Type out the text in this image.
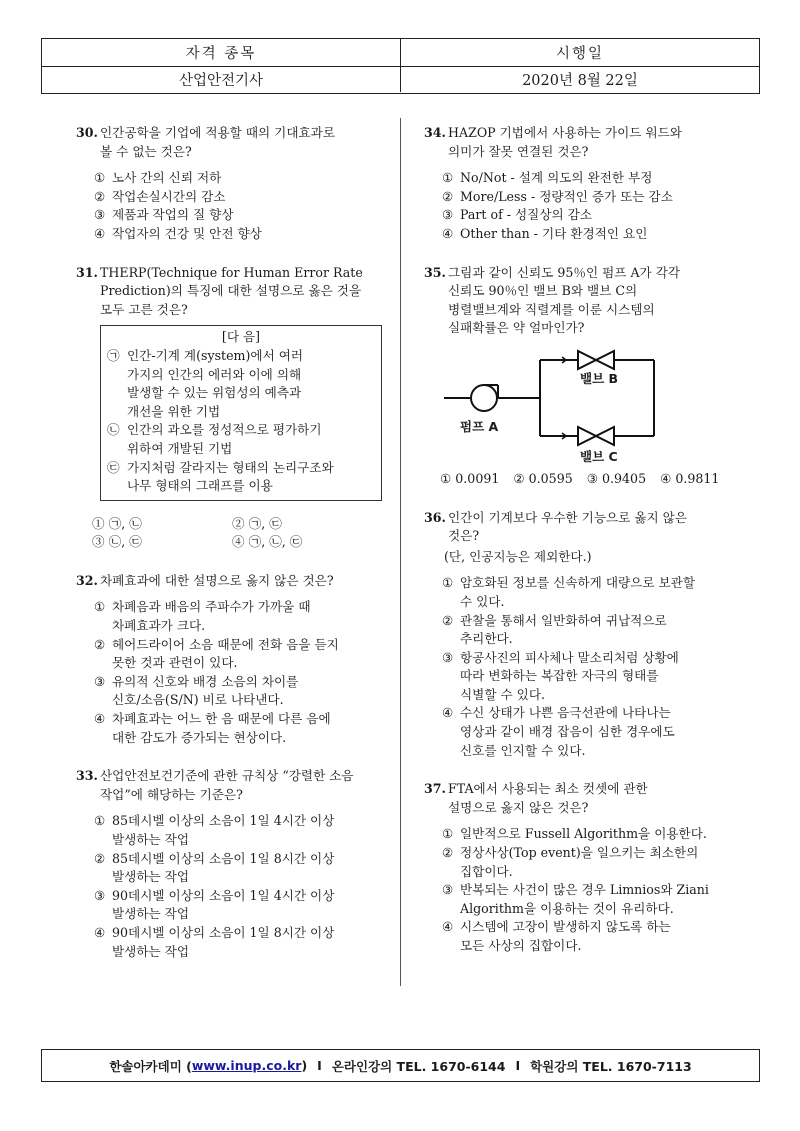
자격 종목	시행일
산업안전기사	2020년 8월 22일
30. 인간공학을 기업에 적용할 때의 기대효과로
볼 수 없는 것은?
① 노사 간의 신뢰 저하
② 작업손실시간의 감소
③ 제품과 작업의 질 향상
④ 작업자의 건강 및 안전 향상
31. THERP(Technique for Human Error Rate
Prediction)의 특징에 대한 설명으로 옳은 것을
모두 고른 것은?
[다 음]
㉠ 인간-기계 계(system)에서 여러
가지의 인간의 에러와 이에 의해
발생할 수 있는 위험성의 예측과
개선을 위한 기법
㉡ 인간의 과오를 정성적으로 평가하기
위하여 개발된 기법
㉢ 가지처럼 갈라지는 형태의 논리구조와
나무 형태의 그래프를 이용
① ㉠, ㉡	② ㉠, ㉢
③ ㉡, ㉢	④ ㉠, ㉡, ㉢
32. 차폐효과에 대한 설명으로 옳지 않은 것은?
① 차폐음과 배음의 주파수가 가까울 때
차폐효과가 크다.
② 헤어드라이어 소음 때문에 전화 음을 듣지
못한 것과 관련이 있다.
③ 유의적 신호와 배경 소음의 차이를
신호/소음(S/N) 비로 나타낸다.
④ 차폐효과는 어느 한 음 때문에 다른 음에
대한 감도가 증가되는 현상이다.
33. 산업안전보건기준에 관한 규칙상 “강렬한 소음
작업”에 해당하는 기준은?
① 85데시벨 이상의 소음이 1일 4시간 이상
발생하는 작업
② 85데시벨 이상의 소음이 1일 8시간 이상
발생하는 작업
③ 90데시벨 이상의 소음이 1일 4시간 이상
발생하는 작업
④ 90데시벨 이상의 소음이 1일 8시간 이상
발생하는 작업
34. HAZOP 기법에서 사용하는 가이드 워드와
의미가 잘못 연결된 것은?
① No/Not - 설계 의도의 완전한 부정
② More/Less - 정량적인 증가 또는 감소
③ Part of - 성질상의 감소
④ Other than - 기타 환경적인 요인
35. 그림과 같이 신뢰도 95％인 펌프 A가 각각
신뢰도 90％인 밸브 B와 밸브 C의
병렬밸브계와 직렬계를 이룬 시스템의
실패확률은 약 얼마인가?
밸브 B
펌프 A
밸브 C
① 0.0091 ② 0.0595 ③ 0.9405 ④ 0.9811
36. 인간이 기계보다 우수한 기능으로 옳지 않은
것은?
(단, 인공지능은 제외한다.)
① 암호화된 정보를 신속하게 대량으로 보관할
수 있다.
② 관찰을 통해서 일반화하여 귀납적으로
추리한다.
③ 항공사진의 피사체나 말소리처럼 상황에
따라 변화하는 복잡한 자극의 형태를
식별할 수 있다.
④ 수신 상태가 나쁜 음극선관에 나타나는
영상과 같이 배경 잡음이 심한 경우에도
신호를 인지할 수 있다.
37. FTA에서 사용되는 최소 컷셋에 관한
설명으로 옳지 않은 것은?
① 일반적으로 Fussell Algorithm을 이용한다.
② 정상사상(Top event)을 일으키는 최소한의
집합이다.
③ 반복되는 사건이 많은 경우 Limnios와 Ziani
Algorithm을 이용하는 것이 유리하다.
④ 시스템에 고장이 발생하지 않도록 하는
모든 사상의 집합이다.
한솔아카데미 ( www.inup.co.kr ) I 온라인강의 TEL. 1670-6144 I 학원강의 TEL. 1670-7113
